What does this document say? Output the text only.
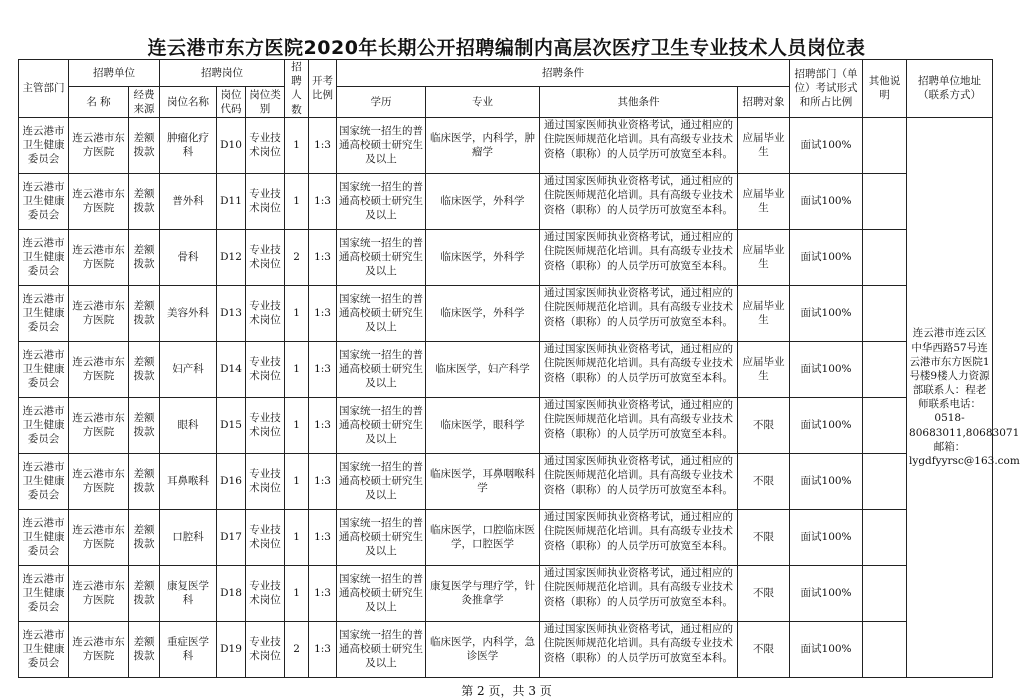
连云港市东方医院2020年长期公开招聘编制内高层次医疗卫生专业技术人员岗位表
主管部门	招聘单位		招聘岗位			招聘人数	开考比例	招聘条件				招聘部门（单位）考试形式和所占比例	其他说明	招聘单位地址（联系方式）
	名 称	经费来源	岗位名称	岗位代码	岗位类别			学历	专业	其他条件	招聘对象			
连云港市卫生健康委员会	连云港市东方医院	差额拨款	肿瘤化疗科	D10	专业技术岗位	1	1:3	国家统一招生的普通高校硕士研究生及以上	临床医学，内科学，肿瘤学	通过国家医师执业资格考试，通过相应的住院医师规范化培训。具有高级专业技术资格（职称）的人员学历可放宽至本科。	应届毕业生	面试100%		连云港市连云区中华西路57号连云港市东方医院1号楼9楼人力资源部联系人：程老师联系电话：0518-80683011,80683071邮箱：lygdfyyrsc@163.com
连云港市卫生健康委员会	连云港市东方医院	差额拨款	普外科	D11	专业技术岗位	1	1:3	国家统一招生的普通高校硕士研究生及以上	临床医学，外科学	通过国家医师执业资格考试，通过相应的住院医师规范化培训。具有高级专业技术资格（职称）的人员学历可放宽至本科。	应届毕业生	面试100%		
连云港市卫生健康委员会	连云港市东方医院	差额拨款	骨科	D12	专业技术岗位	2	1:3	国家统一招生的普通高校硕士研究生及以上	临床医学，外科学	通过国家医师执业资格考试，通过相应的住院医师规范化培训。具有高级专业技术资格（职称）的人员学历可放宽至本科。	应届毕业生	面试100%		
连云港市卫生健康委员会	连云港市东方医院	差额拨款	美容外科	D13	专业技术岗位	1	1:3	国家统一招生的普通高校硕士研究生及以上	临床医学，外科学	通过国家医师执业资格考试，通过相应的住院医师规范化培训。具有高级专业技术资格（职称）的人员学历可放宽至本科。	应届毕业生	面试100%		
连云港市卫生健康委员会	连云港市东方医院	差额拨款	妇产科	D14	专业技术岗位	1	1:3	国家统一招生的普通高校硕士研究生及以上	临床医学，妇产科学	通过国家医师执业资格考试，通过相应的住院医师规范化培训。具有高级专业技术资格（职称）的人员学历可放宽至本科。	应届毕业生	面试100%		
连云港市卫生健康委员会	连云港市东方医院	差额拨款	眼科	D15	专业技术岗位	1	1:3	国家统一招生的普通高校硕士研究生及以上	临床医学，眼科学	通过国家医师执业资格考试，通过相应的住院医师规范化培训。具有高级专业技术资格（职称）的人员学历可放宽至本科。	不限	面试100%		
连云港市卫生健康委员会	连云港市东方医院	差额拨款	耳鼻喉科	D16	专业技术岗位	1	1:3	国家统一招生的普通高校硕士研究生及以上	临床医学，耳鼻咽喉科学	通过国家医师执业资格考试，通过相应的住院医师规范化培训。具有高级专业技术资格（职称）的人员学历可放宽至本科。	不限	面试100%		
连云港市卫生健康委员会	连云港市东方医院	差额拨款	口腔科	D17	专业技术岗位	1	1:3	国家统一招生的普通高校硕士研究生及以上	临床医学，口腔临床医学，口腔医学	通过国家医师执业资格考试，通过相应的住院医师规范化培训。具有高级专业技术资格（职称）的人员学历可放宽至本科。	不限	面试100%		
连云港市卫生健康委员会	连云港市东方医院	差额拨款	康复医学科	D18	专业技术岗位	1	1:3	国家统一招生的普通高校硕士研究生及以上	康复医学与理疗学，针灸推拿学	通过国家医师执业资格考试，通过相应的住院医师规范化培训。具有高级专业技术资格（职称）的人员学历可放宽至本科。	不限	面试100%		
连云港市卫生健康委员会	连云港市东方医院	差额拨款	重症医学科	D19	专业技术岗位	2	1:3	国家统一招生的普通高校硕士研究生及以上	临床医学，内科学，急诊医学	通过国家医师执业资格考试，通过相应的住院医师规范化培训。具有高级专业技术资格（职称）的人员学历可放宽至本科。	不限	面试100%		
第 2 页，共 3 页
